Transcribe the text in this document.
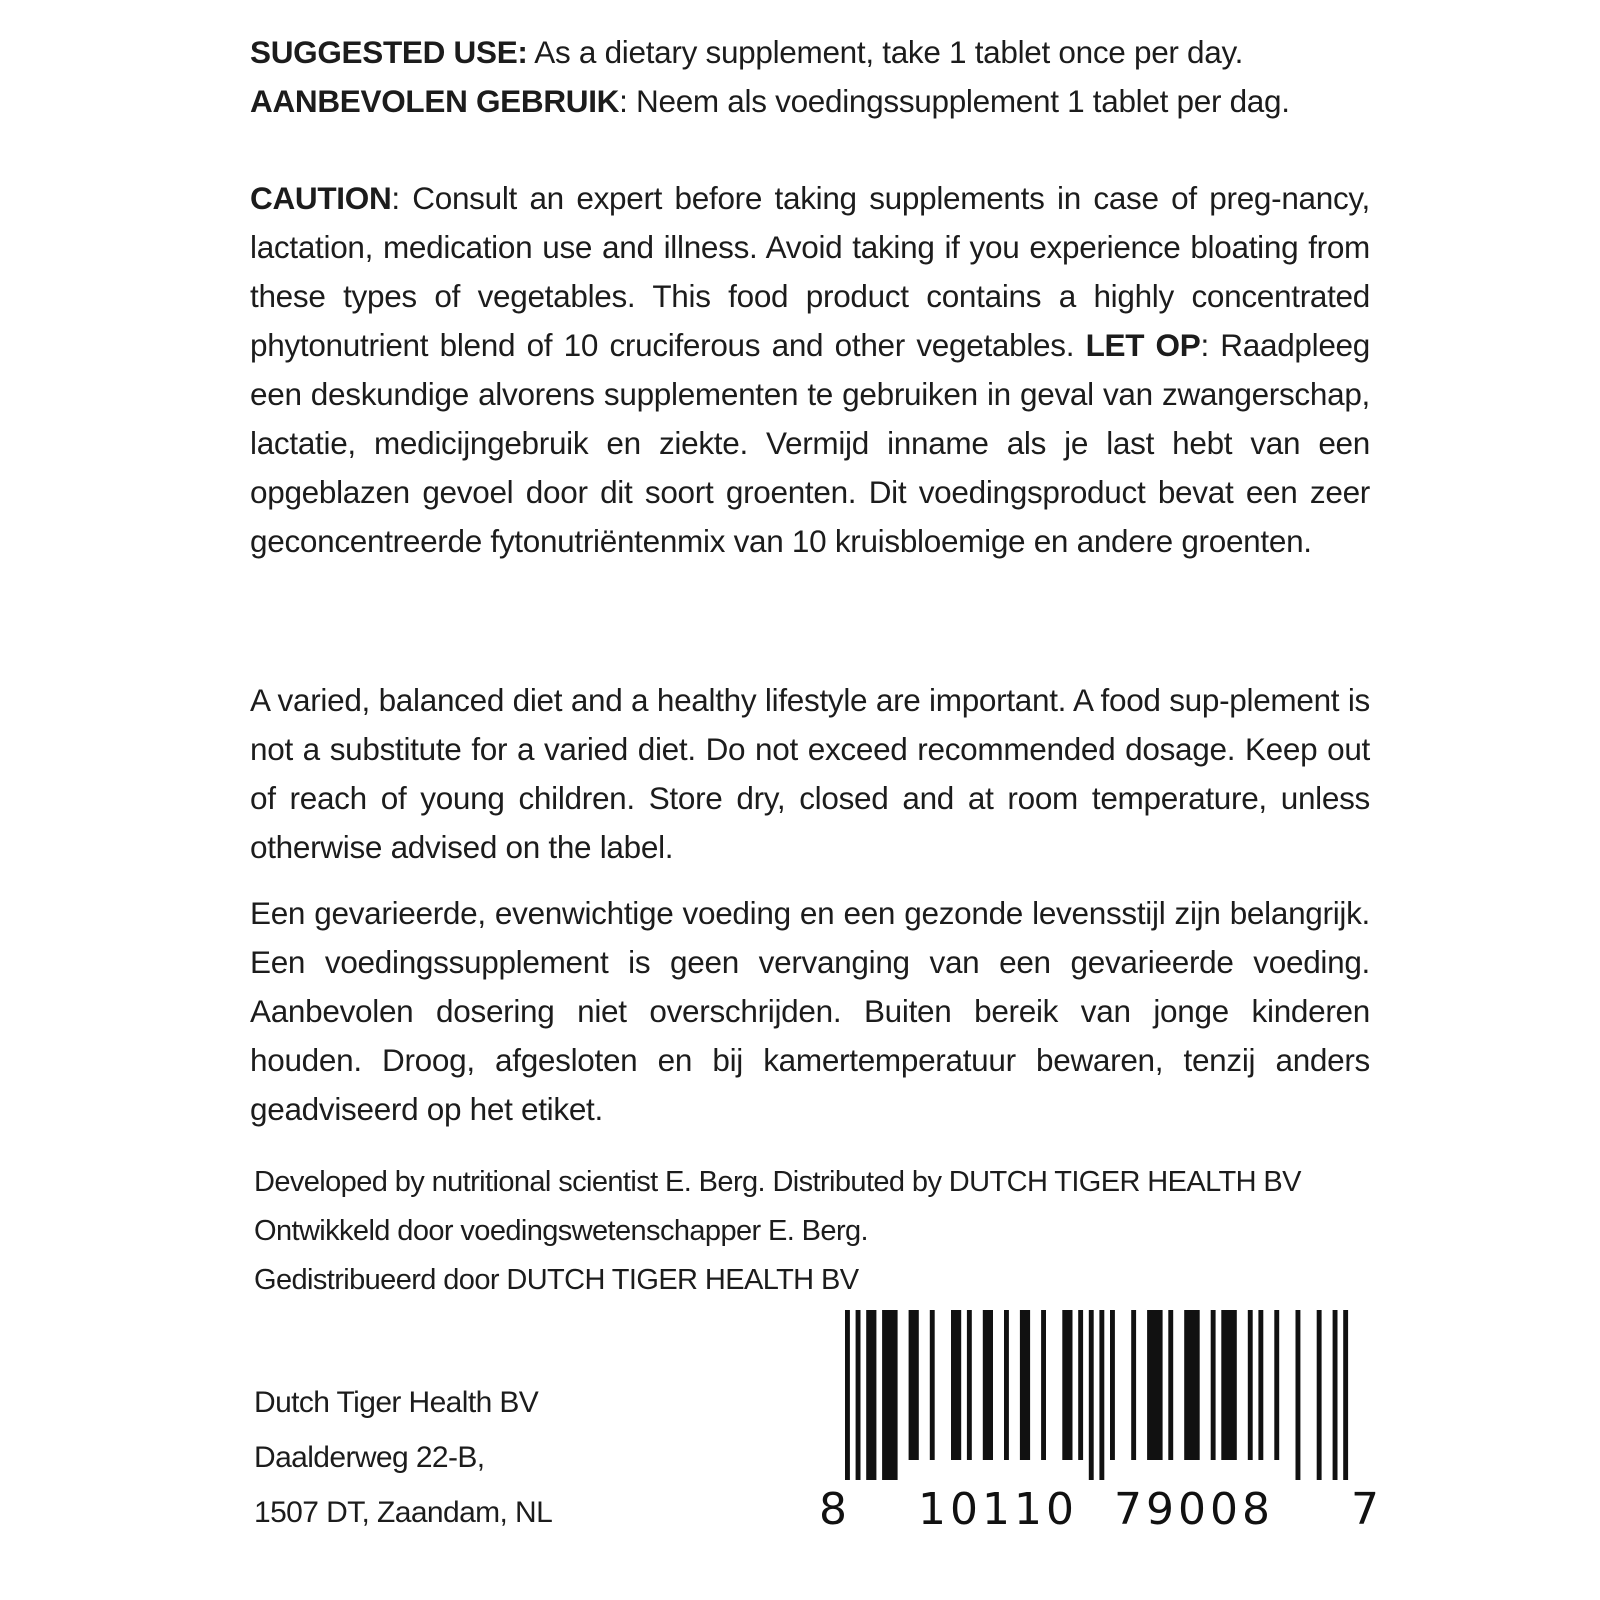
SUGGESTED USE: As a dietary supplement, take 1 tablet once per day.

AANBEVOLEN GEBRUIK: Neem als voedingssupplement 1 tablet per dag.

CAUTION: Consult an expert before taking supplements in case of preg-nancy, lactation, medication use and illness. Avoid taking if you experience bloating from these types of vegetables. This food product contains a highly concentrated phytonutrient blend of 10 cruciferous and other vegetables. LET OP: Raadpleeg een deskundige alvorens supplementen te gebruiken in geval van zwangerschap, lactatie, medicijngebruik en ziekte. Vermijd inname als je last hebt van een opgeblazen gevoel door dit soort groenten. Dit voedingsproduct bevat een zeer geconcentreerde fytonutriëntenmix van 10 kruisbloemige en andere groenten.

A varied, balanced diet and a healthy lifestyle are important. A food sup-plement is not a substitute for a varied diet. Do not exceed recommended dosage. Keep out of reach of young children. Store dry, closed and at room temperature, unless otherwise advised on the label.

Een gevarieerde, evenwichtige voeding en een gezonde levensstijl zijn belangrijk. Een voedingssupplement is geen vervanging van een gevarieerde voeding. Aanbevolen dosering niet overschrijden. Buiten bereik van jonge kinderen houden. Droog, afgesloten en bij kamertemperatuur bewaren, tenzij anders geadviseerd op het etiket.

Developed by nutritional scientist E. Berg. Distributed by DUTCH TIGER HEALTH BV

Ontwikkeld door voedingswetenschapper E. Berg.

Gedistribueerd door DUTCH TIGER HEALTH BV

Dutch Tiger Health BV

Daalderweg 22-B,

1507 DT, Zaandam, NL	8 10110 79008 7
